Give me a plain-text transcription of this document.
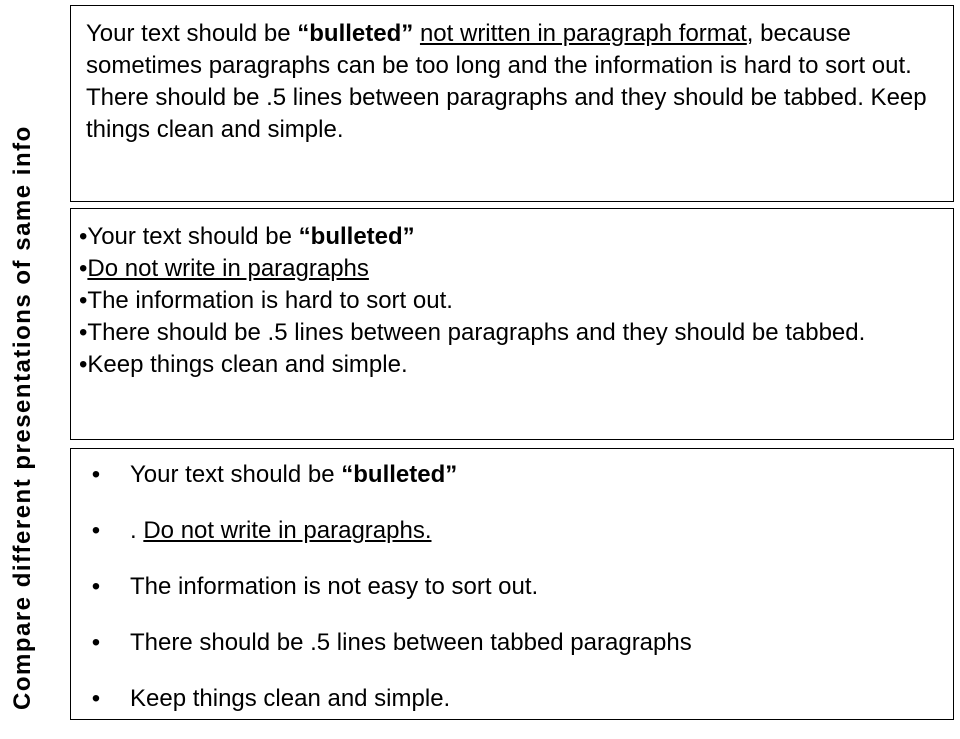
Compare different presentations of same info

Your text should be “bulleted” not written in paragraph format, because sometimes paragraphs can be too long and the information is hard to sort out. There should be .5 lines between paragraphs and they should be tabbed. Keep things clean and simple.

•Your text should be “bulleted”
•Do not write in paragraphs
•The information is hard to sort out.
•There should be .5 lines between paragraphs and they should be tabbed.
•Keep things clean and simple.
• Your text should be “bulleted”
• . Do not write in paragraphs.
• The information is not easy to sort out.
• There should be .5 lines between tabbed paragraphs
• Keep things clean and simple.
